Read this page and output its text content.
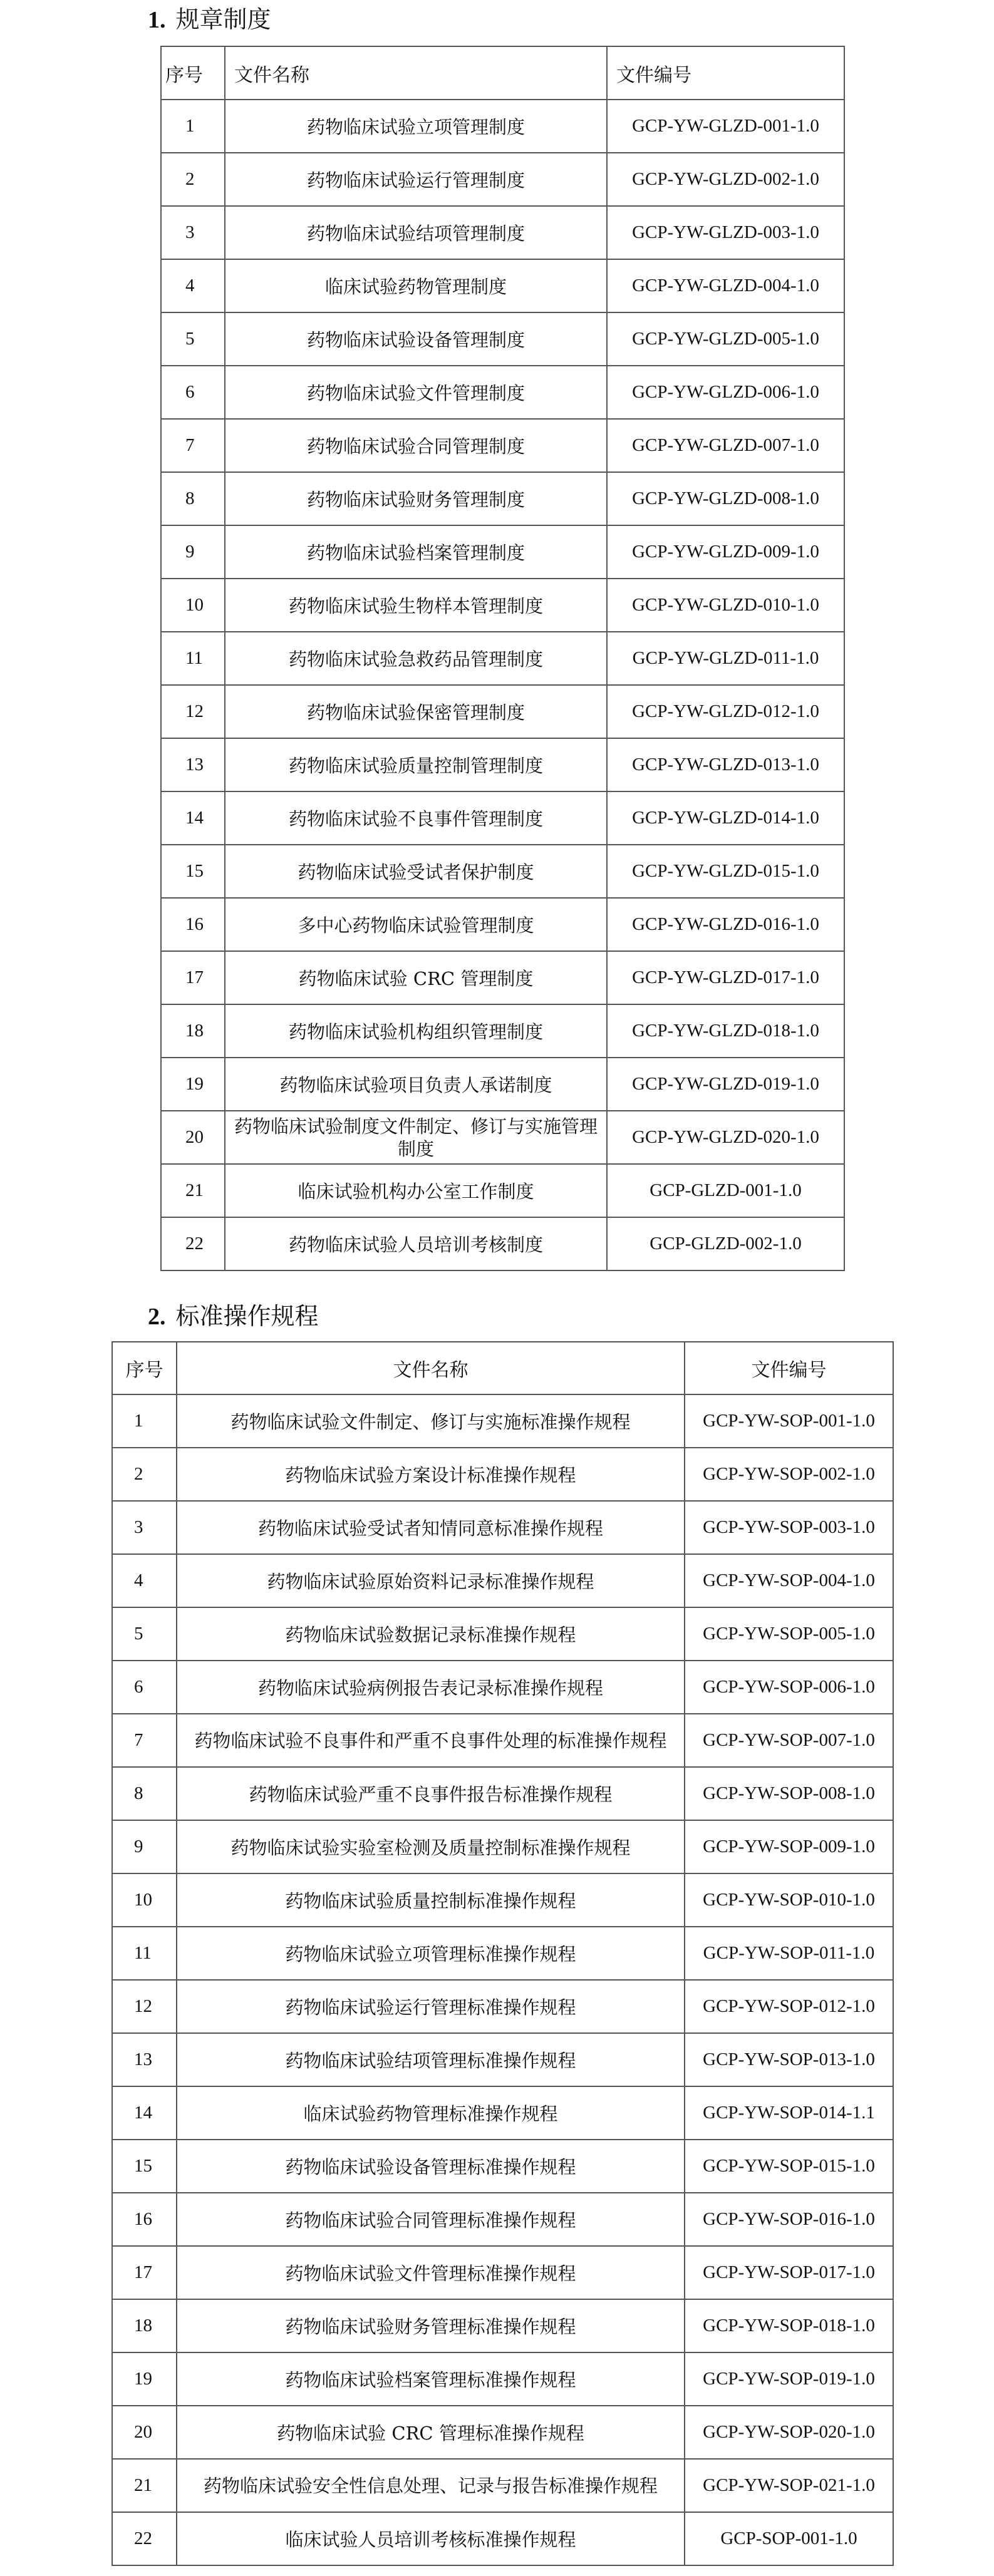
1. 规章制度
序号	文件名称	文件编号
1	药物临床试验立项管理制度	GCP-YW-GLZD-001-1.0
2	药物临床试验运行管理制度	GCP-YW-GLZD-002-1.0
3	药物临床试验结项管理制度	GCP-YW-GLZD-003-1.0
4	临床试验药物管理制度	GCP-YW-GLZD-004-1.0
5	药物临床试验设备管理制度	GCP-YW-GLZD-005-1.0
6	药物临床试验文件管理制度	GCP-YW-GLZD-006-1.0
7	药物临床试验合同管理制度	GCP-YW-GLZD-007-1.0
8	药物临床试验财务管理制度	GCP-YW-GLZD-008-1.0
9	药物临床试验档案管理制度	GCP-YW-GLZD-009-1.0
10	药物临床试验生物样本管理制度	GCP-YW-GLZD-010-1.0
11	药物临床试验急救药品管理制度	GCP-YW-GLZD-011-1.0
12	药物临床试验保密管理制度	GCP-YW-GLZD-012-1.0
13	药物临床试验质量控制管理制度	GCP-YW-GLZD-013-1.0
14	药物临床试验不良事件管理制度	GCP-YW-GLZD-014-1.0
15	药物临床试验受试者保护制度	GCP-YW-GLZD-015-1.0
16	多中心药物临床试验管理制度	GCP-YW-GLZD-016-1.0
17	药物临床试验 CRC 管理制度	GCP-YW-GLZD-017-1.0
18	药物临床试验机构组织管理制度	GCP-YW-GLZD-018-1.0
19	药物临床试验项目负责人承诺制度	GCP-YW-GLZD-019-1.0
20	药物临床试验制度文件制定、修订与实施管理制度	GCP-YW-GLZD-020-1.0
21	临床试验机构办公室工作制度	GCP-GLZD-001-1.0
22	药物临床试验人员培训考核制度	GCP-GLZD-002-1.0
2. 标准操作规程
序号	文件名称	文件编号
1	药物临床试验文件制定、修订与实施标准操作规程	GCP-YW-SOP-001-1.0
2	药物临床试验方案设计标准操作规程	GCP-YW-SOP-002-1.0
3	药物临床试验受试者知情同意标准操作规程	GCP-YW-SOP-003-1.0
4	药物临床试验原始资料记录标准操作规程	GCP-YW-SOP-004-1.0
5	药物临床试验数据记录标准操作规程	GCP-YW-SOP-005-1.0
6	药物临床试验病例报告表记录标准操作规程	GCP-YW-SOP-006-1.0
7	药物临床试验不良事件和严重不良事件处理的标准操作规程	GCP-YW-SOP-007-1.0
8	药物临床试验严重不良事件报告标准操作规程	GCP-YW-SOP-008-1.0
9	药物临床试验实验室检测及质量控制标准操作规程	GCP-YW-SOP-009-1.0
10	药物临床试验质量控制标准操作规程	GCP-YW-SOP-010-1.0
11	药物临床试验立项管理标准操作规程	GCP-YW-SOP-011-1.0
12	药物临床试验运行管理标准操作规程	GCP-YW-SOP-012-1.0
13	药物临床试验结项管理标准操作规程	GCP-YW-SOP-013-1.0
14	临床试验药物管理标准操作规程	GCP-YW-SOP-014-1.1
15	药物临床试验设备管理标准操作规程	GCP-YW-SOP-015-1.0
16	药物临床试验合同管理标准操作规程	GCP-YW-SOP-016-1.0
17	药物临床试验文件管理标准操作规程	GCP-YW-SOP-017-1.0
18	药物临床试验财务管理标准操作规程	GCP-YW-SOP-018-1.0
19	药物临床试验档案管理标准操作规程	GCP-YW-SOP-019-1.0
20	药物临床试验 CRC 管理标准操作规程	GCP-YW-SOP-020-1.0
21	药物临床试验安全性信息处理、记录与报告标准操作规程	GCP-YW-SOP-021-1.0
22	临床试验人员培训考核标准操作规程	GCP-SOP-001-1.0
